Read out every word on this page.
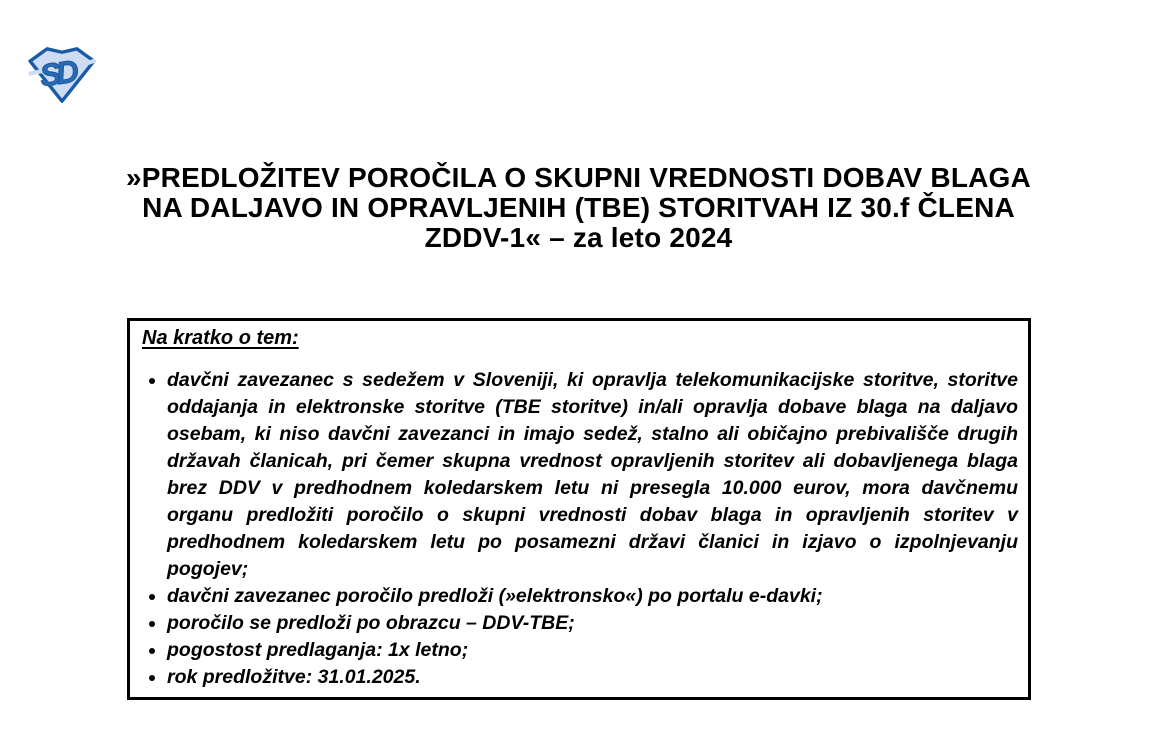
SD
»PREDLOŽITEV POROČILA O SKUPNI VREDNOSTI DOBAV BLAGA
NA DALJAVO IN OPRAVLJENIH (TBE) STORITVAH IZ 30.f ČLENA
ZDDV-1« – za leto 2024

Na kratko o tem:

• davčni zavezanec s sedežem v Sloveniji, ki opravlja telekomunikacijske storitve, storitve oddajanja in elektronske storitve (TBE storitve) in/ali opravlja dobave blaga na daljavo osebam, ki niso davčni zavezanci in imajo sedež, stalno ali običajno prebivališče drugih državah članicah, pri čemer skupna vrednost opravljenih storitev ali dobavljenega blaga brez DDV v predhodnem koledarskem letu ni presegla 10.000 eurov, mora davčnemu organu predložiti poročilo o skupni vrednosti dobav blaga in opravljenih storitev v predhodnem koledarskem letu po posamezni državi članici in izjavo o izpolnjevanju pogojev;
• davčni zavezanec poročilo predloži (»elektronsko«) po portalu e-davki;
• poročilo se predloži po obrazcu – DDV-TBE;
• pogostost predlaganja: 1x letno;
• rok predložitve: 31.01.2025.
